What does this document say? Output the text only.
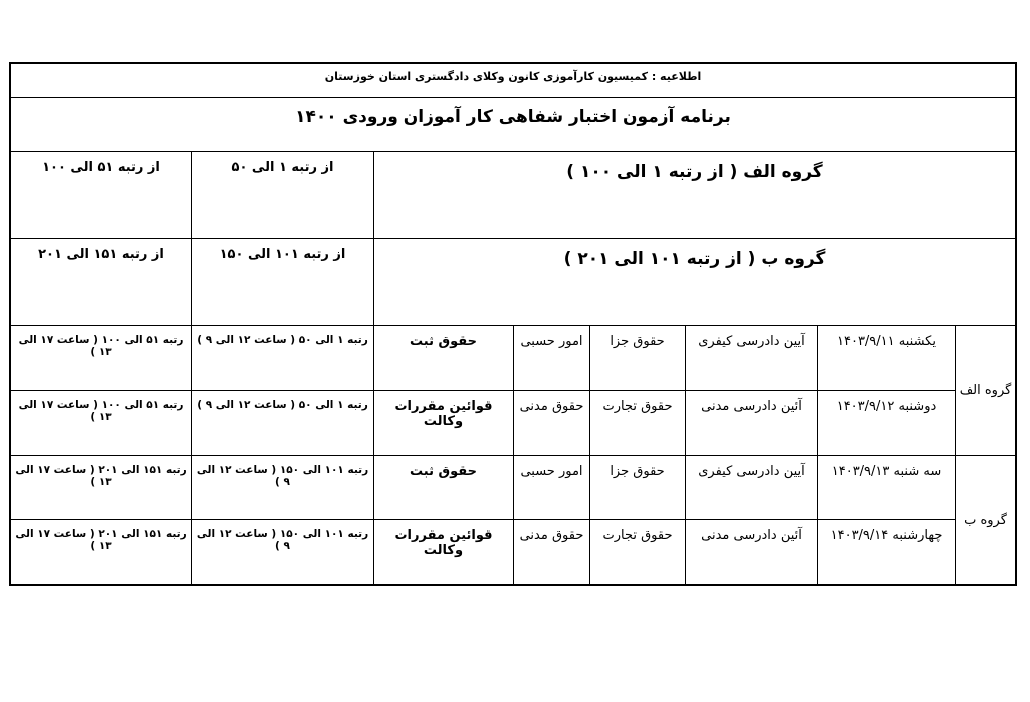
اطلاعیه : کمیسیون کارآموزی کانون وکلای دادگستری استان خوزستان
برنامه آزمون اختبار شفاهی کار آموزان ورودی ۱۴۰۰
گروه الف ( از رتبه ۱ الی ۱۰۰ )
از رتبه ۱ الی ۵۰
از رتبه ۵۱ الی ۱۰۰
گروه ب ( از رتبه ۱۰۱ الی ۲۰۱ )
از رتبه ۱۰۱ الی ۱۵۰
از رتبه ۱۵۱ الی ۲۰۱
گروه الف
گروه ب
یکشنبه ۱۴۰۳/۹/۱۱
آیین دادرسی کیفری
حقوق جزا
امور حسبی
حقوق ثبت
رتبه ۱ الی ۵۰ ( ساعت ۱۲ الی ۹ )
رتبه ۵۱ الی ۱۰۰ ( ساعت ۱۷ الی ۱۳ )
دوشنبه ۱۴۰۳/۹/۱۲
آئین دادرسی مدنی
حقوق تجارت
حقوق مدنی
قوائین مقررات وکالت
رتبه ۱ الی ۵۰ ( ساعت ۱۲ الی ۹ )
رتبه ۵۱ الی ۱۰۰ ( ساعت ۱۷ الی ۱۳ )
سه شنبه ۱۴۰۳/۹/۱۳
آیین دادرسی کیفری
حقوق جزا
امور حسبی
حقوق ثبت
رتبه ۱۰۱ الی ۱۵۰ ( ساعت ۱۲ الی ۹ )
رتبه ۱۵۱ الی ۲۰۱ ( ساعت ۱۷ الی ۱۳ )
چهارشنبه ۱۴۰۳/۹/۱۴
آئین دادرسی مدنی
حقوق تجارت
حقوق مدنی
قوائین مقررات وکالت
رتبه ۱۰۱ الی ۱۵۰ ( ساعت ۱۲ الی ۹ )
رتبه ۱۵۱ الی ۲۰۱ ( ساعت ۱۷ الی ۱۳ )
